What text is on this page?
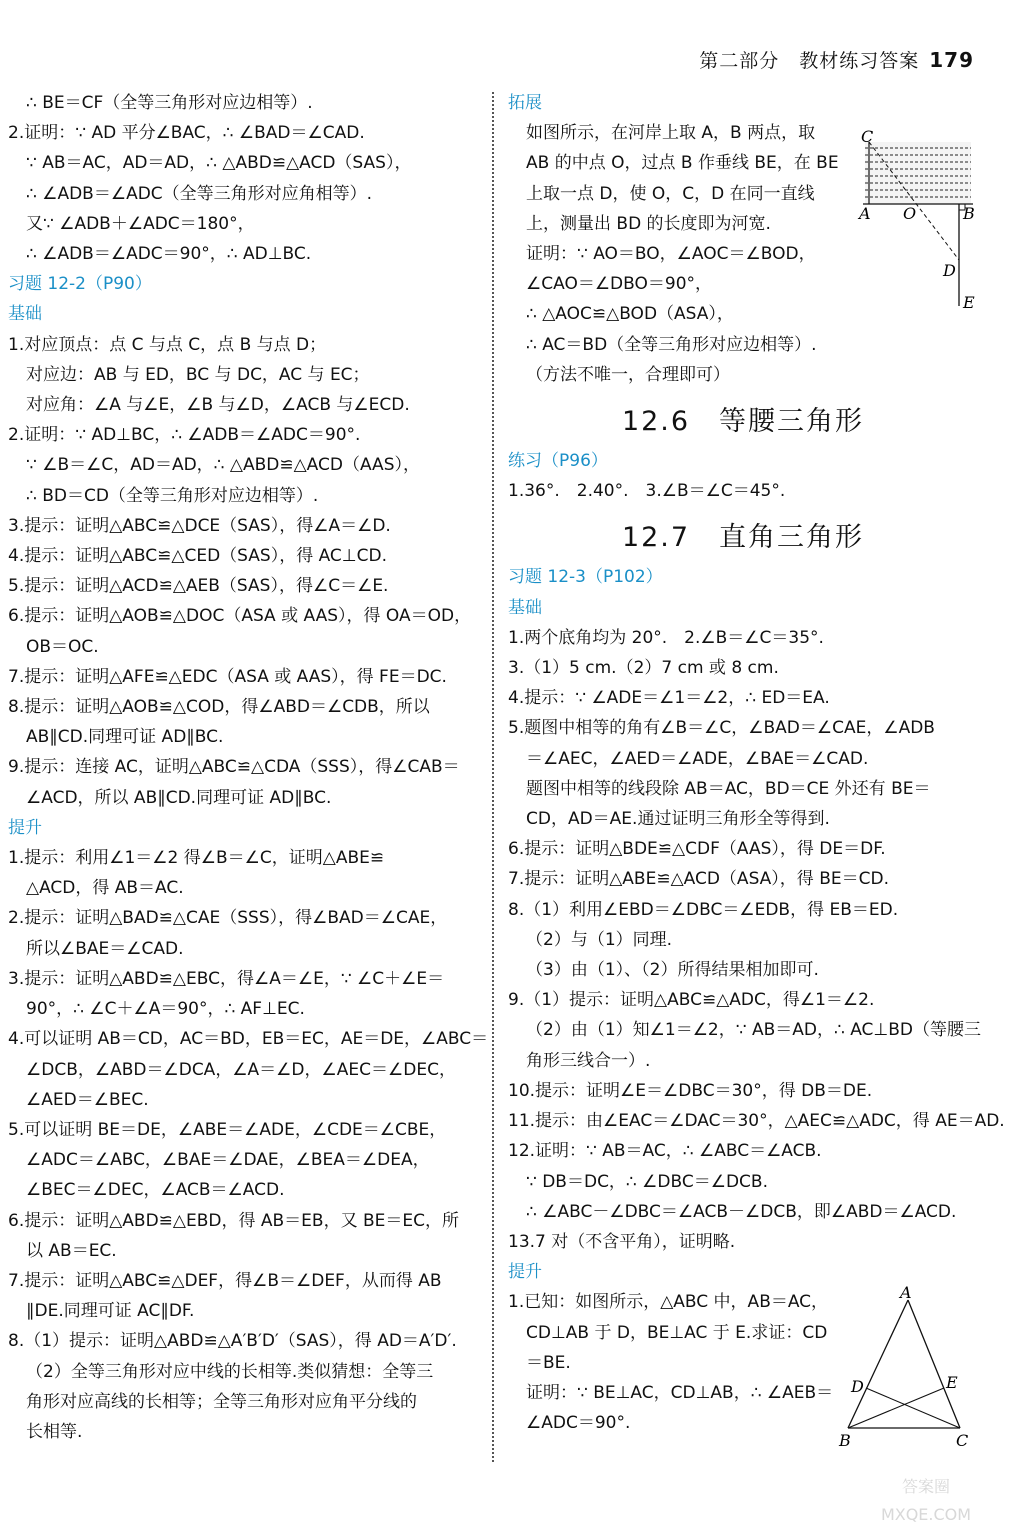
第二部分　教材练习答案 179
∴ BE＝CF（全等三角形对应边相等）.
2.证明：∵ AD 平分∠BAC，∴ ∠BAD＝∠CAD.
∵ AB＝AC，AD＝AD，∴ △ABD≌△ACD（SAS），
∴ ∠ADB＝∠ADC（全等三角形对应角相等）.
又∵ ∠ADB＋∠ADC＝180°，
∴ ∠ADB＝∠ADC＝90°，∴ AD⊥BC.
习题 12-2（P90）
基础
1.对应顶点：点 C 与点 C，点 B 与点 D；
对应边：AB 与 ED，BC 与 DC，AC 与 EC；
对应角：∠A 与∠E，∠B 与∠D，∠ACB 与∠ECD.
2.证明：∵ AD⊥BC，∴ ∠ADB＝∠ADC＝90°.
∵ ∠B＝∠C，AD＝AD，∴ △ABD≌△ACD（AAS），
∴ BD＝CD（全等三角形对应边相等）.
3.提示：证明△ABC≌△DCE（SAS），得∠A＝∠D.
4.提示：证明△ABC≌△CED（SAS），得 AC⊥CD.
5.提示：证明△ACD≌△AEB（SAS），得∠C＝∠E.
6.提示：证明△AOB≌△DOC（ASA 或 AAS），得 OA＝OD，
OB＝OC.
7.提示：证明△AFE≌△EDC（ASA 或 AAS），得 FE＝DC.
8.提示：证明△AOB≌△COD，得∠ABD＝∠CDB，所以
AB∥CD.同理可证 AD∥BC.
9.提示：连接 AC，证明△ABC≌△CDA（SSS），得∠CAB＝
∠ACD，所以 AB∥CD.同理可证 AD∥BC.
提升
1.提示：利用∠1＝∠2 得∠B＝∠C，证明△ABE≌
△ACD，得 AB＝AC.
2.提示：证明△BAD≌△CAE（SSS），得∠BAD＝∠CAE，
所以∠BAE＝∠CAD.
3.提示：证明△ABD≌△EBC，得∠A＝∠E，∵ ∠C＋∠E＝
90°，∴ ∠C＋∠A＝90°，∴ AF⊥EC.
4.可以证明 AB＝CD，AC＝BD，EB＝EC，AE＝DE，∠ABC＝
∠DCB，∠ABD＝∠DCA，∠A＝∠D，∠AEC＝∠DEC，
∠AED＝∠BEC.
5.可以证明 BE＝DE，∠ABE＝∠ADE，∠CDE＝∠CBE，
∠ADC＝∠ABC，∠BAE＝∠DAE，∠BEA＝∠DEA，
∠BEC＝∠DEC，∠ACB＝∠ACD.
6.提示：证明△ABD≌△EBD，得 AB＝EB，又 BE＝EC，所
以 AB＝EC.
7.提示：证明△ABC≌△DEF，得∠B＝∠DEF，从而得 AB
∥DE.同理可证 AC∥DF.
8.（1）提示：证明△ABD≌△A′B′D′（SAS），得 AD＝A′D′.
（2）全等三角形对应中线的长相等.类似猜想：全等三
角形对应高线的长相等；全等三角形对应角平分线的
长相等.
拓展
如图所示，在河岸上取 A，B 两点，取
AB 的中点 O，过点 B 作垂线 BE，在 BE
上取一点 D，使 O，C，D 在同一直线
上，测量出 BD 的长度即为河宽.
证明：∵ AO＝BO，∠AOC＝∠BOD，
∠CAO＝∠DBO＝90°，
∴ △AOC≌△BOD（ASA），
∴ AC＝BD（全等三角形对应边相等）.
（方法不唯一，合理即可）
12.6　等腰三角形
练习（P96）
1.36°.　2.40°.　3.∠B＝∠C＝45°.
12.7　直角三角形
习题 12-3（P102）
基础
1.两个底角均为 20°.　2.∠B＝∠C＝35°.
3.（1）5 cm.（2）7 cm 或 8 cm.
4.提示：∵ ∠ADE＝∠1＝∠2，∴ ED＝EA.
5.题图中相等的角有∠B＝∠C，∠BAD＝∠CAE，∠ADB
＝∠AEC，∠AED＝∠ADE，∠BAE＝∠CAD.
题图中相等的线段除 AB＝AC，BD＝CE 外还有 BE＝
CD，AD＝AE.通过证明三角形全等得到.
6.提示：证明△BDE≌△CDF（AAS），得 DE＝DF.
7.提示：证明△ABE≌△ACD（ASA），得 BE＝CD.
8.（1）利用∠EBD＝∠DBC＝∠EDB，得 EB＝ED.
（2）与（1）同理.
（3）由（1）、（2）所得结果相加即可.
9.（1）提示：证明△ABC≌△ADC，得∠1＝∠2.
（2）由（1）知∠1＝∠2，∵ AB＝AD，∴ AC⊥BD（等腰三
角形三线合一）.
10.提示：证明∠E＝∠DBC＝30°，得 DB＝DE.
11.提示：由∠EAC＝∠DAC＝30°，△AEC≌△ADC，得 AE＝AD.
12.证明：∵ AB＝AC，∴ ∠ABC＝∠ACB.
∵ DB＝DC，∴ ∠DBC＝∠DCB.
∴ ∠ABC－∠DBC＝∠ACB－∠DCB，即∠ABD＝∠ACD.
13.7 对（不含平角），证明略.
提升
1.已知：如图所示，△ABC 中，AB＝AC，
CD⊥AB 于 D，BE⊥AC 于 E.求证：CD
＝BE.
证明：∵ BE⊥AC，CD⊥AB，∴ ∠AEB＝
∠ADC＝90°.
C
A O	B
D
E
A
D	E
B	C
答案圈
MXQE.COM
